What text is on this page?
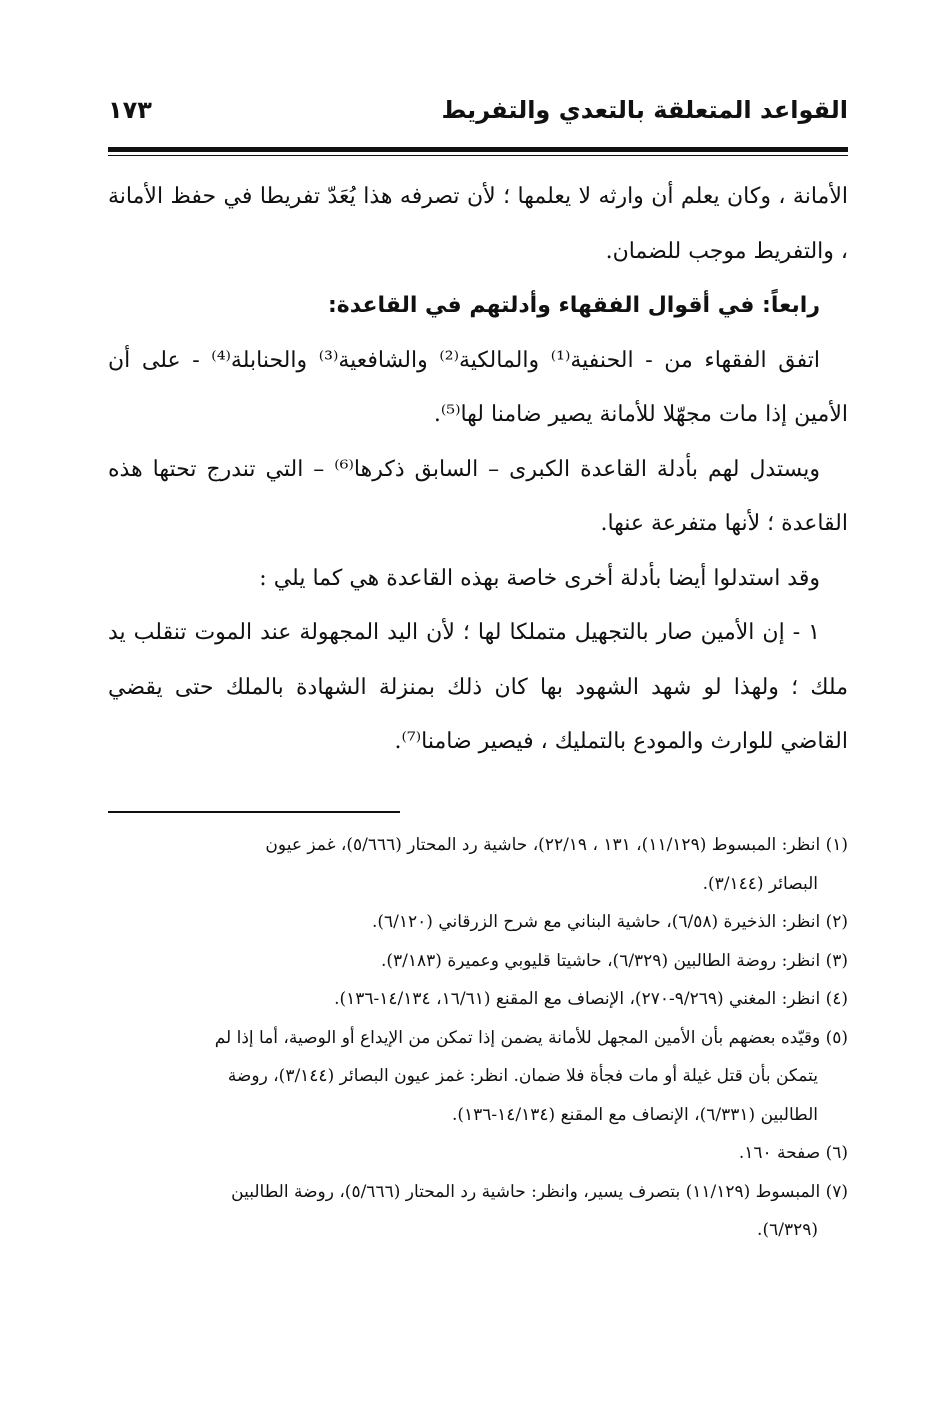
القواعد المتعلقة بالتعدي والتفريط
١٧٣

الأمانة ، وكان يعلم أن وارثه لا يعلمها ؛ لأن تصرفه هذا يُعَدّ تفريطا في حفظ الأمانة ، والتفريط موجب للضمان.

رابعاً: في أقوال الفقهاء وأدلتهم في القاعدة:

اتفق الفقهاء من - الحنفية⁽¹⁾ والمالكية⁽²⁾ والشافعية⁽³⁾ والحنابلة⁽⁴⁾ - على أن الأمين إذا مات مجهّلا للأمانة يصير ضامنا لها⁽⁵⁾.

ويستدل لهم بأدلة القاعدة الكبرى – السابق ذكرها⁽⁶⁾ – التي تندرج تحتها هذه القاعدة ؛ لأنها متفرعة عنها.

وقد استدلوا أيضا بأدلة أخرى خاصة بهذه القاعدة هي كما يلي :

١ - إن الأمين صار بالتجهيل متملكا لها ؛ لأن اليد المجهولة عند الموت تنقلب يد ملك ؛ ولهذا لو شهد الشهود بها كان ذلك بمنزلة الشهادة بالملك حتى يقضي القاضي للوارث والمودع بالتمليك ، فيصير ضامنا⁽⁷⁾.

(١) انظر: المبسوط (١١/١٢٩)، ١٣١ ، ٢٢/١٩)، حاشية رد المحتار (٥/٦٦٦)، غمز عيون

البصائر (٣/١٤٤).

(٢) انظر: الذخيرة (٦/٥٨)، حاشية البناني مع شرح الزرقاني (٦/١٢٠).

(٣) انظر: روضة الطالبين (٦/٣٢٩)، حاشيتا قليوبي وعميرة (٣/١٨٣).

(٤) انظر: المغني (٩/٢٦٩-٢٧٠)، الإنصاف مع المقنع (١٦/٦١، ١٤/١٣٤-١٣٦).

(٥) وقيّده بعضهم بأن الأمين المجهل للأمانة يضمن إذا تمكن من الإيداع أو الوصية، أما إذا لم

يتمكن بأن قتل غيلة أو مات فجأة فلا ضمان. انظر: غمز عيون البصائر (٣/١٤٤)، روضة

الطالبين (٦/٣٣١)، الإنصاف مع المقنع (١٤/١٣٤-١٣٦).

(٦) صفحة ١٦٠.

(٧) المبسوط (١١/١٢٩) بتصرف يسير، وانظر: حاشية رد المحتار (٥/٦٦٦)، روضة الطالبين

(٦/٣٢٩).
